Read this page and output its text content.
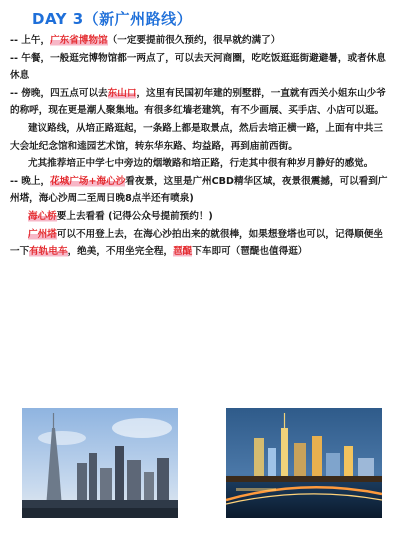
DAY 3（新广州路线）

-- 上午，广东省博物馆（一定要提前很久预约，很早就约满了）

-- 午餐，一般逛完博物馆都一两点了，可以去天河商圈，吃吃饭逛逛街避避暑，或者休息休息

-- 傍晚，四五点可以去东山口，这里有民国初年建的别墅群，一直就有西关小姐东山少爷的称呼，现在更是潮人聚集地。有很多红墙老建筑，有不少画展、买手店、小店可以逛。

建议路线，从培正路逛起，一条路上都是取景点，然后去培正横一路，上面有中共三大会址纪念馆和逵园艺术馆，转东华东路、均益路，再到庙前西街。

尤其推荐培正中学七中旁边的烟墩路和培正路，行走其中很有种岁月静好的感觉。

-- 晚上，花城广场+海心沙看夜景，这里是广州CBD精华区域，夜景很震撼，可以看到广州塔，海心沙周二至周日晚8点半还有喷泉)

海心桥要上去看看 (记得公众号提前预约！)

广州塔可以不用登上去，在海心沙拍出来的就很棒，如果想登塔也可以，记得顺便坐一下有轨电车，绝美，不用坐完全程，琶醍下车即可（琶醍也值得逛）
